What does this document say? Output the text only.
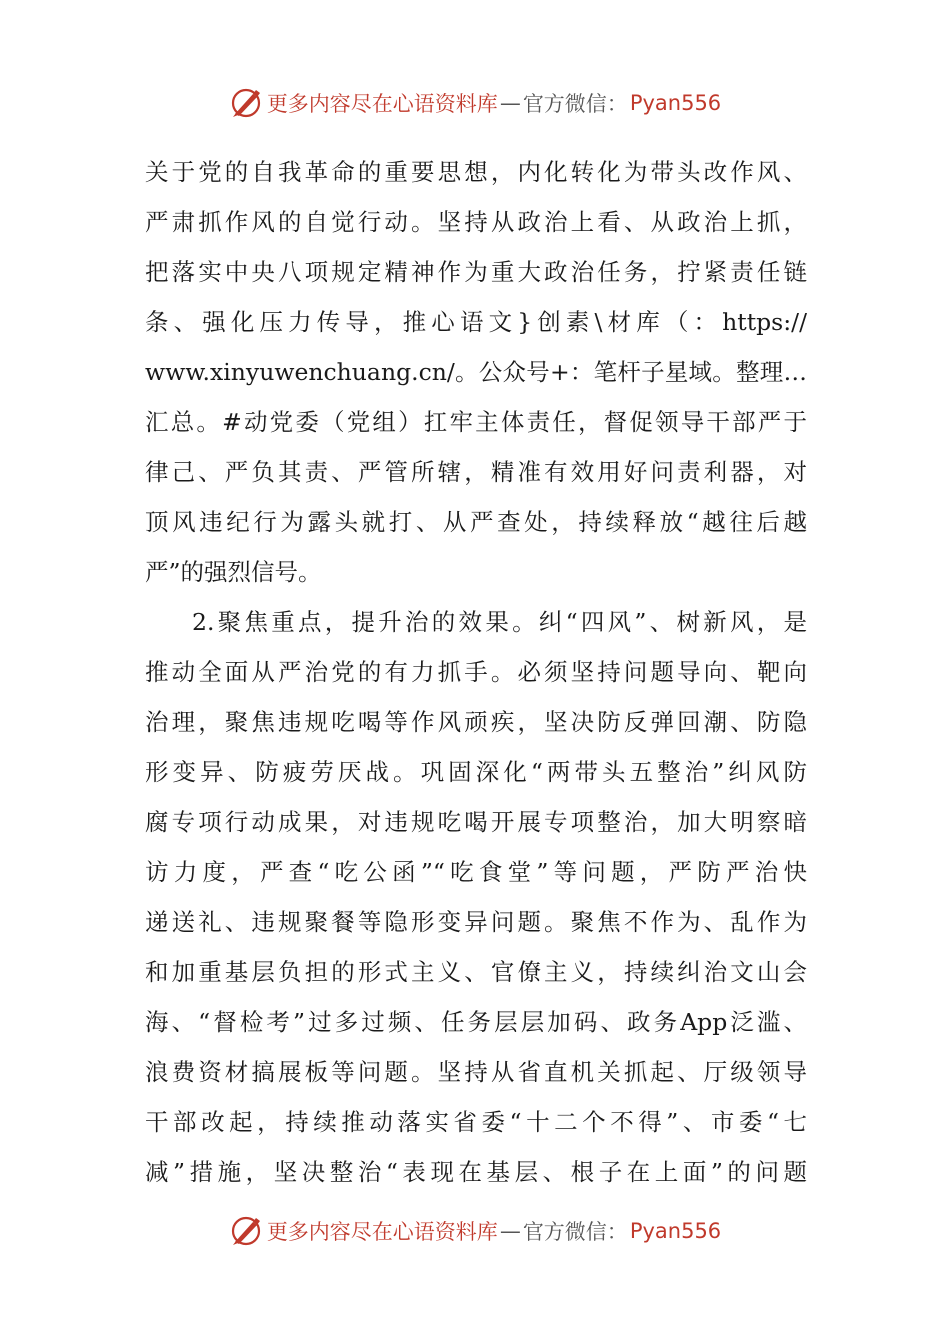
更多内容尽在心语资料库 — 官方微信： Pyan556
关于党的自我革命的重要思想，内化转化为带头改作风、
严肃抓作风的自觉行动。坚持从政治上看、从政治上抓，
把落实中央八项规定精神作为重大政治任务，拧紧责任链
条、强化压力传导，推心语文}创素\材库（：https://
www.xinyuwenchuang.cn/。公众号+：笔杆子星域。整理…
汇总。#动党委（党组）扛牢主体责任，督促领导干部严于
律己、严负其责、严管所辖，精准有效用好问责利器，对
顶风违纪行为露头就打、从严查处，持续释放“越往后越
严”的强烈信号。
2.聚焦重点，提升治的效果。纠“四风”、树新风，是
推动全面从严治党的有力抓手。必须坚持问题导向、靶向
治理，聚焦违规吃喝等作风顽疾，坚决防反弹回潮、防隐
形变异、防疲劳厌战。巩固深化“两带头五整治”纠风防
腐专项行动成果，对违规吃喝开展专项整治，加大明察暗
访力度，严查“吃公函”“吃食堂”等问题，严防严治快
递送礼、违规聚餐等隐形变异问题。聚焦不作为、乱作为
和加重基层负担的形式主义、官僚主义，持续纠治文山会
海、“督检考”过多过频、任务层层加码、政务App泛滥、
浪费资材搞展板等问题。坚持从省直机关抓起、厅级领导
干部改起，持续推动落实省委“十二个不得”、市委“七
减”措施，坚决整治“表现在基层、根子在上面”的问题
更多内容尽在心语资料库 — 官方微信： Pyan556
